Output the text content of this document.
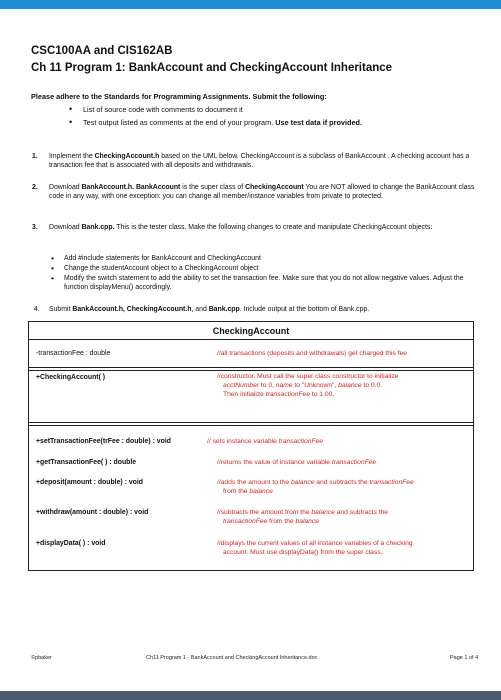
CSC100AA and CIS162AB
Ch 11 Program 1: BankAccount and CheckingAccount Inheritance
Please adhere to the Standards for Programming Assignments. Submit the following:
• List of source code with comments to document it
• Test output listed as comments at the end of your program. Use test data if provided.
1. Implement the CheckingAccount.h based on the UML below. CheckingAccount is a subclass of BankAccount . A checking account has a transaction fee that is associated with all deposits and withdrawals.
2. Download BankAccount.h. BankAccount is the super class of CheckingAccount You are NOT allowed to change the BankAccount class code in any way, with one exception: you can change all member/instance variables from private to protected.
3. Download Bank.cpp. This is the tester class. Make the following changes to create and manipulate CheckingAccount objects:
• Add #include statements for BankAccount and CheckingAccount
• Change the studentAccount object to a CheckingAccount object
• Modify the switch statement to add the ability to set the transaction fee. Make sure that you do not allow negative values. Adjust the function displayMenu() accordingly.
4. Submit BankAccount.h, CheckingAccount.h, and Bank.cpp. Include output at the bottom of Bank.cpp.
CheckingAccount
-transactionFee : double	//all transactions (deposits and withdrawals) get charged this fee
+CheckingAccount( )	//constructor. Must call the super class constructor to initialize
acctNumber to 0, name to "Unknown", balance to 0.0.
Then initialize transactionFee to 1.00.
+setTransactionFee(trFee : double) : void	// sets instance variable transactionFee
+getTransactionFee( ) : double	//returns the value of instance variable transactionFee
+deposit(amount : double) : void	//adds the amount to the balance and subtracts the transactionFee
from the balance
+withdraw(amount : double) : void	//subtracts the amount from the balance and subtracts the
transactionFee from the balance
+displayData( ) : void	//displays the current values of all instance variables of a checking
account. Must use displayData() from the super class.
©pbaker	Ch11 Program 1 - BankAccount and CheckingAccount Inheritance.doc	Page 1 of 4
